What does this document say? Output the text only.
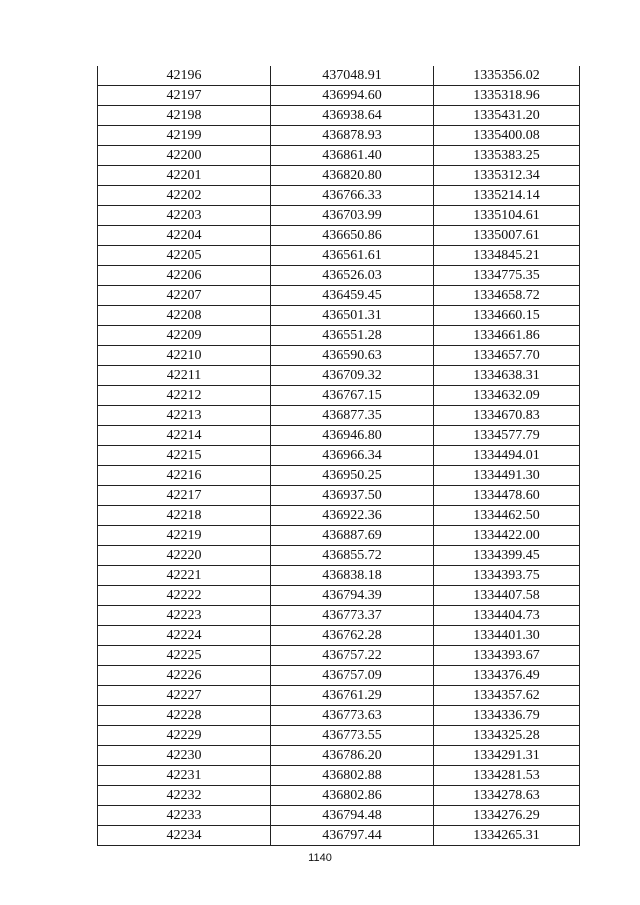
42196	437048.91	1335356.02
42197	436994.60	1335318.96
42198	436938.64	1335431.20
42199	436878.93	1335400.08
42200	436861.40	1335383.25
42201	436820.80	1335312.34
42202	436766.33	1335214.14
42203	436703.99	1335104.61
42204	436650.86	1335007.61
42205	436561.61	1334845.21
42206	436526.03	1334775.35
42207	436459.45	1334658.72
42208	436501.31	1334660.15
42209	436551.28	1334661.86
42210	436590.63	1334657.70
42211	436709.32	1334638.31
42212	436767.15	1334632.09
42213	436877.35	1334670.83
42214	436946.80	1334577.79
42215	436966.34	1334494.01
42216	436950.25	1334491.30
42217	436937.50	1334478.60
42218	436922.36	1334462.50
42219	436887.69	1334422.00
42220	436855.72	1334399.45
42221	436838.18	1334393.75
42222	436794.39	1334407.58
42223	436773.37	1334404.73
42224	436762.28	1334401.30
42225	436757.22	1334393.67
42226	436757.09	1334376.49
42227	436761.29	1334357.62
42228	436773.63	1334336.79
42229	436773.55	1334325.28
42230	436786.20	1334291.31
42231	436802.88	1334281.53
42232	436802.86	1334278.63
42233	436794.48	1334276.29
42234	436797.44	1334265.31
1140
